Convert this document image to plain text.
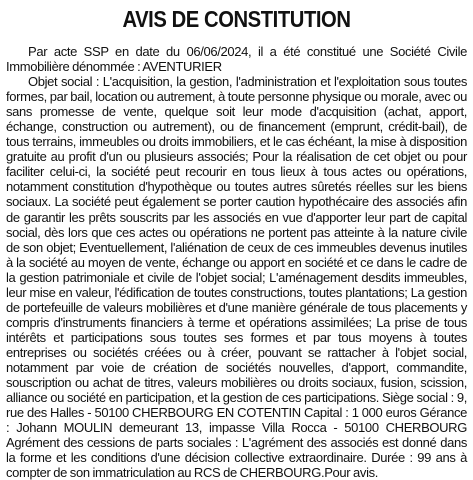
AVIS DE CONSTITUTION

Par acte SSP en date du 06/06/2024, il a été constitué une Société Civile Immobilière dénommée : AVENTURIER

Objet social : L'acquisition, la gestion, l'administration et l'exploitation sous toutes formes, par bail, location ou autrement, à toute personne physique ou morale, avec ou sans promesse de vente, quelque soit leur mode d'acquisition (achat, apport, échange, construction ou autrement), ou de financement (emprunt, crédit-bail), de tous terrains, immeubles ou droits immobiliers, et le cas échéant, la mise à disposition gratuite au profit d'un ou plusieurs associés; Pour la réalisation de cet objet ou pour faciliter celui-ci, la société peut recourir en tous lieux à tous actes ou opérations, notamment constitution d'hypothèque ou toutes autres sûretés réelles sur les biens sociaux. La société peut également se porter caution hypothécaire des associés afin de garantir les prêts souscrits par les associés en vue d'apporter leur part de capital social, dès lors que ces actes ou opérations ne portent pas atteinte à la nature civile de son objet; Eventuellement, l'aliénation de ceux de ces immeubles devenus inutiles à la société au moyen de vente, échange ou apport en société et ce dans le cadre de la gestion patrimoniale et civile de l'objet social; L'aménagement desdits immeubles, leur mise en valeur, l'édification de toutes constructions, toutes plantations; La gestion de portefeuille de valeurs mobilières et d'une manière générale de tous placements y compris d'instruments financiers à terme et opérations assimilées; La prise de tous intérêts et participations sous toutes ses formes et par tous moyens à toutes entreprises ou sociétés créées ou à créer, pouvant se rattacher à l'objet social, notamment par voie de création de sociétés nouvelles, d'apport, commandite, souscription ou achat de titres, valeurs mobilières ou droits sociaux, fusion, scission, alliance ou société en participation, et la gestion de ces participations. Siège social : 9, rue des Halles - 50100 CHERBOURG EN COTENTIN Capital : 1 000 euros Gérance : Johann MOULIN demeurant 13, impasse Villa Rocca - 50100 CHERBOURG Agrément des cessions de parts sociales : L'agrément des associés est donné dans la forme et les conditions d'une décision collective extraordinaire. Durée : 99 ans à compter de son immatriculation au RCS de CHERBOURG.Pour avis.
